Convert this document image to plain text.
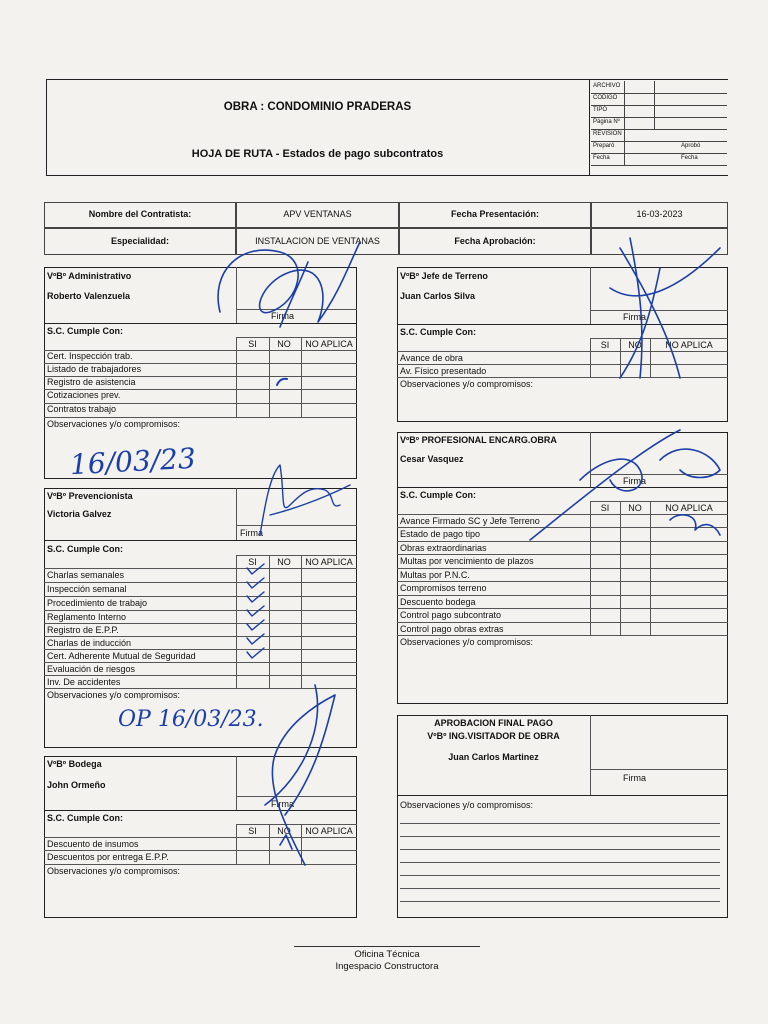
OBRA : CONDOMINIO PRADERAS
HOJA DE RUTA - Estados de pago subcontratos
ARCHIVO
CODIGO
TIPO
Página Nº
REVISION
Preparó	Aprobó
Fecha	Fecha
Nombre del Contratista:	APV VENTANAS	Fecha Presentación:	16-03-2023
Especialidad:	INSTALACION DE VENTANAS	Fecha Aprobación:
VºBº Administrativo
Roberto Valenzuela
Firma
S.C. Cumple Con:
SI	NO	NO APLICA
Cert. Inspección trab.
Listado de trabajadores
Registro de asistencia
Cotizaciones prev.
Contratos trabajo
Observaciones y/o compromisos:
16/03/23
VºBº Prevencionista
Victoria Galvez
Firma
S.C. Cumple Con:
SI	NO	NO APLICA
Charlas semanales
Inspección semanal
Procedimiento de trabajo
Reglamento Interno
Registro de E.P.P.
Charlas de inducción
Cert. Adherente Mutual de Seguridad
Evaluación de riesgos
Inv. De accidentes
Observaciones y/o compromisos:
OP 16/03/23.
VºBº Bodega
John Ormeño
Firma
S.C. Cumple Con:
SI	NO	NO APLICA
Descuento de insumos
Descuentos por entrega E.P.P.
Observaciones y/o compromisos:
VºBº Jefe de Terreno
Juan Carlos Silva
Firma
S.C. Cumple Con:
SI	NO	NO APLICA
Avance de obra
Av. Físico presentado
Observaciones y/o compromisos:
VºBº PROFESIONAL ENCARG.OBRA
Cesar Vasquez
Firma
S.C. Cumple Con:
SI	NO	NO APLICA
Avance Firmado SC y Jefe Terreno
Estado de pago tipo
Obras extraordinarias
Multas por vencimiento de plazos
Multas por P.N.C.
Compromisos terreno
Descuento bodega
Control pago subcontrato
Control pago obras extras
Observaciones y/o compromisos:
APROBACION FINAL PAGO
VºBº ING.VISITADOR DE OBRA
Juan Carlos Martinez
Firma
Observaciones y/o compromisos:
Oficina Técnica
Ingespacio Constructora
